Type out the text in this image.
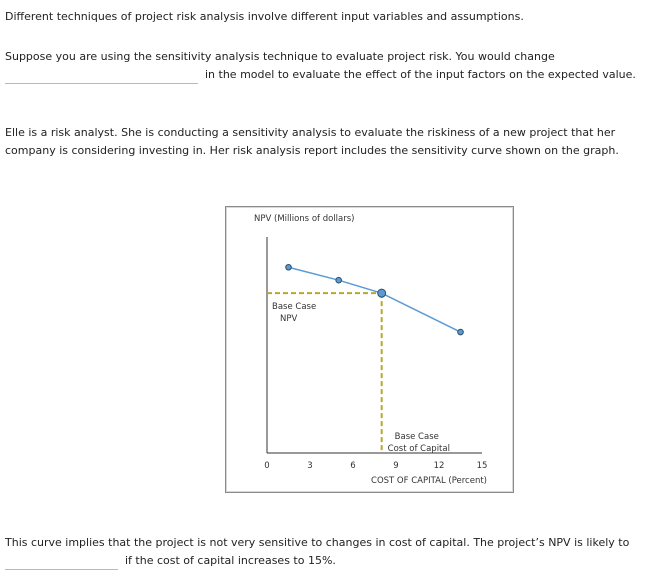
Different techniques of project risk analysis involve different input variables and assumptions.
Suppose you are using the sensitivity analysis technique to evaluate project risk. You would change
in the model to evaluate the effect of the input factors on the expected value.
Elle is a risk analyst. She is conducting a sensitivity analysis to evaluate the riskiness of a new project that her
company is considering investing in. Her risk analysis report includes the sensitivity curve shown on the graph.
NPV (Millions of dollars)
Base Case
NPV
Base Case
Cost of Capital
0	3	6	9	12	15
COST OF CAPITAL (Percent)
This curve implies that the project is not very sensitive to changes in cost of capital. The project’s NPV is likely to
if the cost of capital increases to 15%.
